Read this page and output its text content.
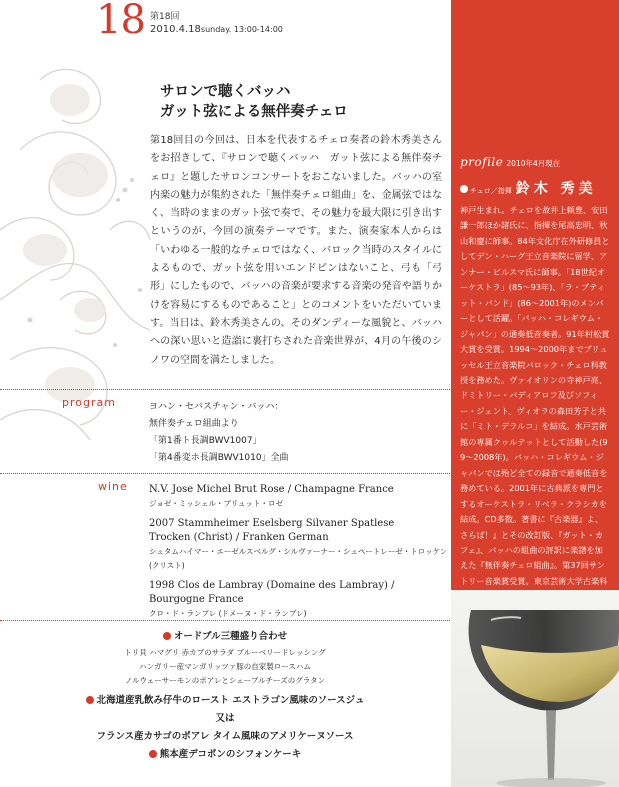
18 第18回
2010.4.18sunday. 13:00-14:00
サロンで聴くバッハ
ガット弦による無伴奏チェロ
第18回目の今回は、日本を代表するチェロ奏者の鈴木秀美さんをお招きして、『サロンで聴くバッハ　ガット弦による無伴奏チェロ』と題したサロンコンサートをおこないました。バッハの室内楽の魅力が集約された「無伴奏チェロ組曲」を、金属弦ではなく、当時のままのガット弦で奏で、その魅力を最大限に引き出すというのが、今回の演奏テーマです。また、演奏家本人からは「いわゆる一般的なチェロではなく、バロック当時のスタイルによるもので、ガット弦を用いエンドピンはないこと、弓も「弓形」にしたもので、バッハの音楽が要求する音楽の発音や語りかけを容易にするものであること」とのコメントをいただいています。当日は、鈴木秀美さんの、そのダンディーな風貌と、バッハへの深い思いと造詣に裏打ちされた音楽世界が、4月の午後のシノワの空間を満たしました。
program	ヨハン・セバスチャン・バッハ：
無伴奏チェロ組曲より
「第1番ト長調BWV1007」
「第4番変ホ長調BWV1010」全曲
wine N.V. Jose Michel Brut Rose / Champagne France
ジョゼ・ミッシェル・ブリュット・ロゼ
2007 Stammheimer Eselsberg Silvaner Spatlese
Trocken (Christ) / Franken German
シュタムハイマー・エーゼルスベルグ・シルヴァーナー・シュペートレーゼ・トロッケン (クリスト)
1998 Clos de Lambray (Domaine des Lambray) /
Bourgogne France
クロ・ド・ランブレ (ドメーヌ・ド・ランブレ)
オードブル三種盛り合わせ
トリ貝 ハマグリ 赤カブのサラダ ブルーベリードレッシング
ハンガリー産マンガリッツァ豚の自家製ロースハム
ノルウェーサーモンのポアレとシェーブルチーズのグラタン
北海道産乳飲み仔牛のロースト エストラゴン風味のソースジュ
又は
フランス産カサゴのポアレ タイム風味のアメリケーヌソース
熊本産デコポンのシフォンケーキ
profile 2010年4月現在
チェロ／指揮 鈴木 秀美
神戸生まれ。チェロを故井上頼豊、安田謙一郎ほか諸氏に、指揮を尾高忠明、秋山和慶に師事。84年文化庁在外研修員としてデン・ハーグ王立音楽院に留学、アンナー・ビルスマ氏に師事。「18世紀オーケストラ」(85〜93年)、「ラ・プティット・バンド」(86〜2001年)のメンバーとして活躍。「バッハ・コレギウム・ジャパン」の通奏低音奏者。91年村松賞大賞を受賞。1994〜2000年までブリュッセル王立音楽院バロック・チェロ科教授を務めた。ヴァイオリンの寺神戸亮、ドミトリー・バディアロフ及びソフィー・ジェント、ヴィオラの森田芳子と共に「ミト・デラルコ」を結成。水戸芸術館の専属クヮルテットとして活動した(99〜2008年)。バッハ・コレギウム・ジャパンでは殆ど全ての録音で通奏低音を務めている。2001年に古典派を専門とするオーケストラ・リベラ・クラシカを結成。CD多数。著書に『古楽器』よ、さらば！』とその改訂版、『ガット・カフェ』、バッハの組曲の評訳に楽譜を加えた『無伴奏チェロ組曲』。第37回サントリー音楽賞受賞。東京芸術大学古楽科
